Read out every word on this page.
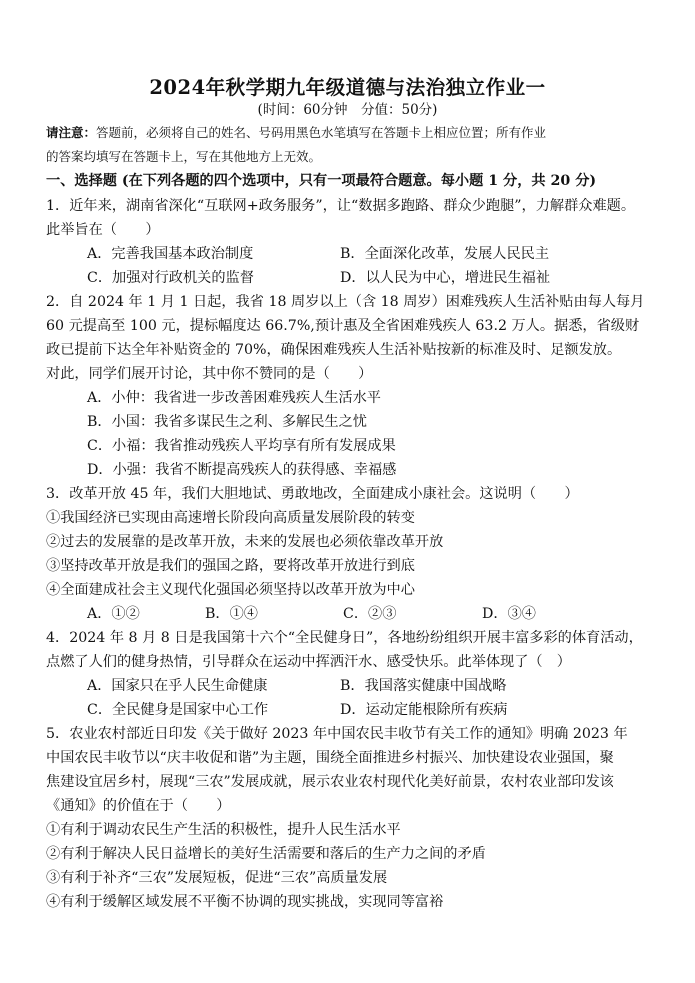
2024年秋学期九年级道德与法治独立作业一
(时间：60分钟　分值：50分)
请注意：答题前，必须将自己的姓名、号码用黑色水笔填写在答题卡上相应位置；所有作业
的答案均填写在答题卡上，写在其他地方上无效。
一、选择题 (在下列各题的四个选项中，只有一项最符合题意。每小题 1 分，共 20 分)
1．近年来，湖南省深化“互联网+政务服务”，让“数据多跑路、群众少跑腿”，力解群众难题。
此举旨在（　　）
A．完善我国基本政治制度	B．全面深化改革，发展人民民主
C．加强对行政机关的监督	D．以人民为中心，增进民生福祉
2．自 2024 年 1 月 1 日起，我省 18 周岁以上（含 18 周岁）困难残疾人生活补贴由每人每月
60 元提高至 100 元，提标幅度达 66.7%,预计惠及全省困难残疾人 63.2 万人。据悉，省级财
政已提前下达全年补贴资金的 70%，确保困难残疾人生活补贴按新的标准及时、足额发放。
对此，同学们展开讨论，其中你不赞同的是（　　）
A．小仲：我省进一步改善困难残疾人生活水平
B．小国：我省多谋民生之利、多解民生之忧
C．小福：我省推动残疾人平均享有所有发展成果
D．小强：我省不断提高残疾人的获得感、幸福感
3．改革开放 45 年，我们大胆地试、勇敢地改，全面建成小康社会。这说明（　　）
①我国经济已实现由高速增长阶段向高质量发展阶段的转变
②过去的发展靠的是改革开放，未来的发展也必须依靠改革开放
③坚持改革开放是我们的强国之路，要将改革开放进行到底
④全面建成社会主义现代化强国必须坚持以改革开放为中心
A．①②	B．①④	C．②③	D．③④
4．2024 年 8 月 8 日是我国第十六个“全民健身日”，各地纷纷组织开展丰富多彩的体育活动，
点燃了人们的健身热情，引导群众在运动中挥洒汗水、感受快乐。此举体现了（　）
A．国家只在乎人民生命健康	B．我国落实健康中国战略
C．全民健身是国家中心工作	D．运动定能根除所有疾病
5．农业农村部近日印发《关于做好 2023 年中国农民丰收节有关工作的通知》明确 2023 年
中国农民丰收节以“庆丰收促和谐”为主题，围绕全面推进乡村振兴、加快建设农业强国，聚
焦建设宜居乡村，展现“三农”发展成就，展示农业农村现代化美好前景，农村农业部印发该
《通知》的价值在于（　　）
①有利于调动农民生产生活的积极性，提升人民生活水平
②有利于解决人民日益增长的美好生活需要和落后的生产力之间的矛盾
③有利于补齐“三农”发展短板，促进“三农”高质量发展
④有利于缓解区域发展不平衡不协调的现实挑战，实现同等富裕
